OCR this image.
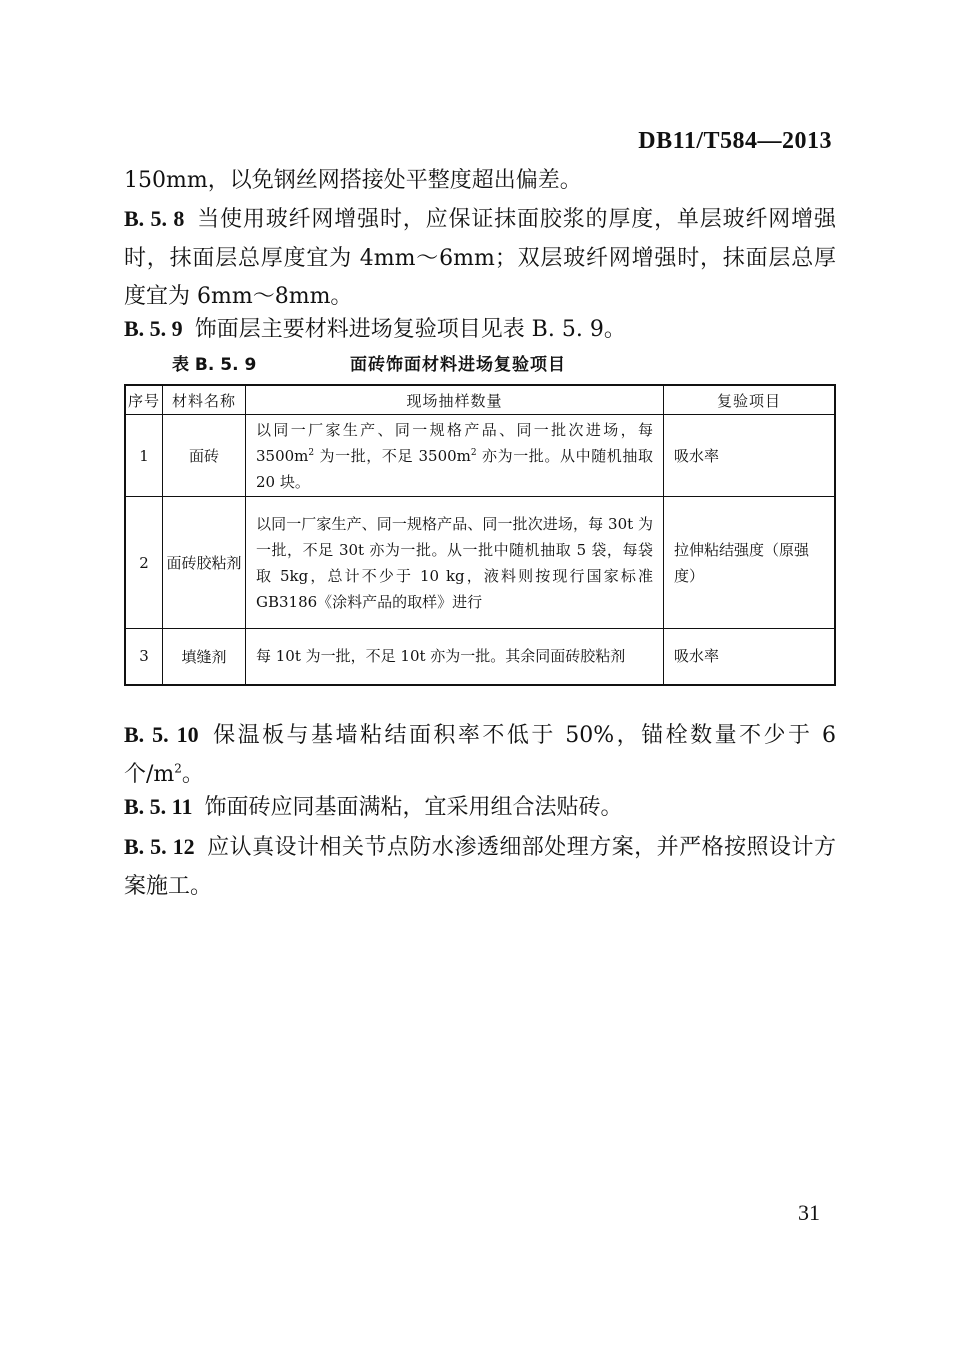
DB11/T584—2013
150mm，以免钢丝网搭接处平整度超出偏差。
B. 5. 8 当使用玻纤网增强时，应保证抹面胶浆的厚度，单层玻纤网增强时，抹面层总厚度宜为 4mm～6mm；双层玻纤网增强时，抹面层总厚度宜为 6mm～8mm。
B. 5. 9 饰面层主要材料进场复验项目见表 B. 5. 9。
表 B. 5. 9	面砖饰面材料进场复验项目
序号	材料名称	现场抽样数量	复验项目
1	面砖	以同一厂家生产、同一规格产品、同一批次进场，每 $3500m^2$ 为一批，不足 $3500m^2$ 亦为一批。从中随机抽取 20 块。	吸水率
2	面砖胶粘剂	以同一厂家生产、同一规格产品、同一批次进场，每 30t 为一批，不足 30t 亦为一批。从一批中随机抽取 5 袋，每袋取 5kg，总计不少于 10 kg，液料则按现行国家标准 GB3186《涂料产品的取样》进行	拉伸粘结强度（原强度）
3	填缝剂	每 10t 为一批，不足 10t 亦为一批。其余同面砖胶粘剂	吸水率
B. 5. 10 保温板与基墙粘结面积率不低于 50%，锚栓数量不少于 6 个$/m^2$。
B. 5. 11 饰面砖应同基面满粘，宜采用组合法贴砖。
B. 5. 12 应认真设计相关节点防水渗透细部处理方案，并严格按照设计方案施工。
31
